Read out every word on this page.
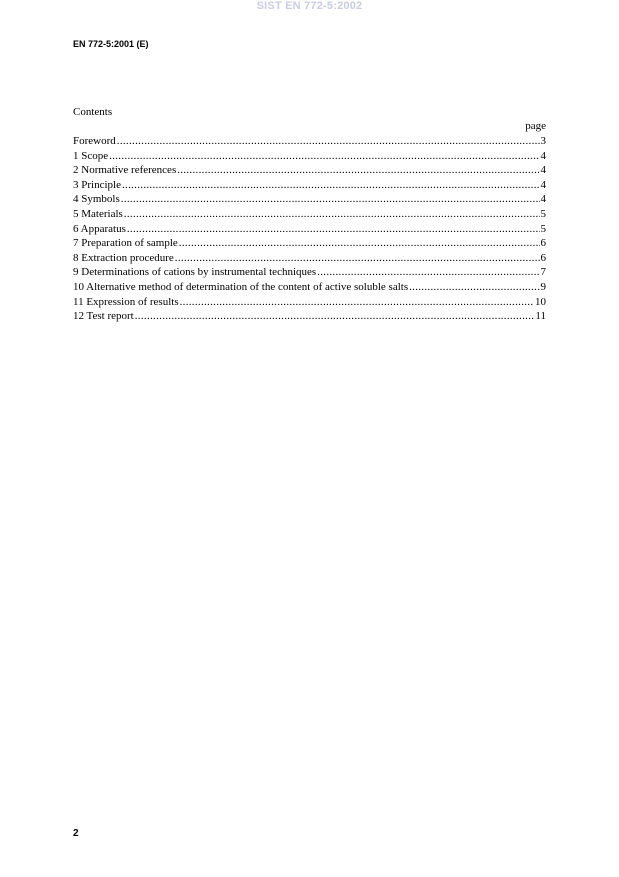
SIST EN 772-5:2002
EN 772-5:2001 (E)
Contents
page
Foreword .....	3
1 Scope .....	4
2 Normative references .....	4
3 Principle .....	4
4 Symbols .....	4
5 Materials .....	5
6 Apparatus .....	5
7 Preparation of sample .....	6
8 Extraction procedure .....	6
9 Determinations of cations by instrumental techniques .....	7
10 Alternative method of determination of the content of active soluble salts .....	9
11 Expression of results .....	10
12 Test report .....	11
2
